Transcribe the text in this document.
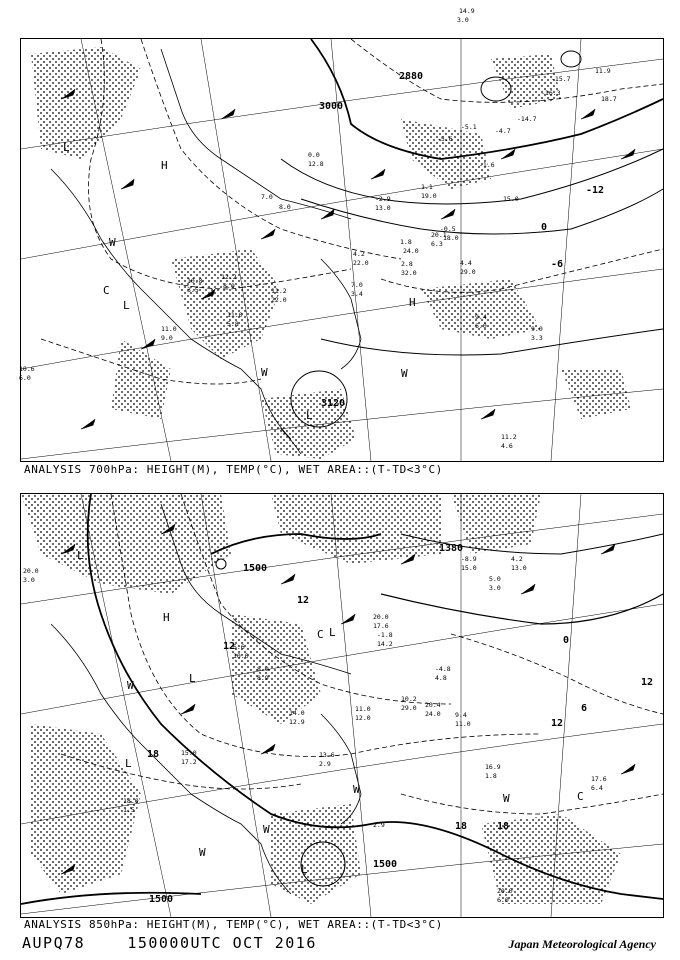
3000
2880
3120
0
-6
-12
H
H
L
L
L
W
W	W
C
14.9
3.0
-15.7
11.9
-16.3
18.7
-14.7
-4.7
15.0
-1.6
7.0
8.0
4.2
22.0
1.8
24.0
-0.5
18.0
4.4
29.0
9.4
6.0
7.0
3.4
11.2
22.0
12.2
8.0
11.0
5.8
10.8
3.5
11.0
9.0
10.6
6.0
9.0
3.3
11.2
4.6
20.1
6.3
-2.9
13.0
0.0
12.8
1.1
19.0
2.8
32.0
-5.6
-5.1
ANALYSIS 700hPa: HEIGHT(M), TEMP(°C), WET AREA::(T-TD<3°C)
1500
1380
1500
1500
12
12
12
18
18	18
0
6
12
H
L
L
L
L
L
W
W
W
W
W
C
C
20.0
3.0
18.0
1.5
10.2
29.0 20.4
24.0 9.4
11.0
16.9
1.8	17.6
6.4
20.0
6.0
11.0
12.0
13.6
2.9
15.0
17.2
14.0
12.9
8.0
8.9
5.6
10.0
-4.8
4.8
-8.9
15.0
5.0
3.0
4.2
13.0
-1.8
14.2
20.0
17.6
2.9
ANALYSIS 850hPa: HEIGHT(M), TEMP(°C), WET AREA::(T-TD<3°C)
AUPQ78	150000UTC OCT 2016	Japan Meteorological Agency
